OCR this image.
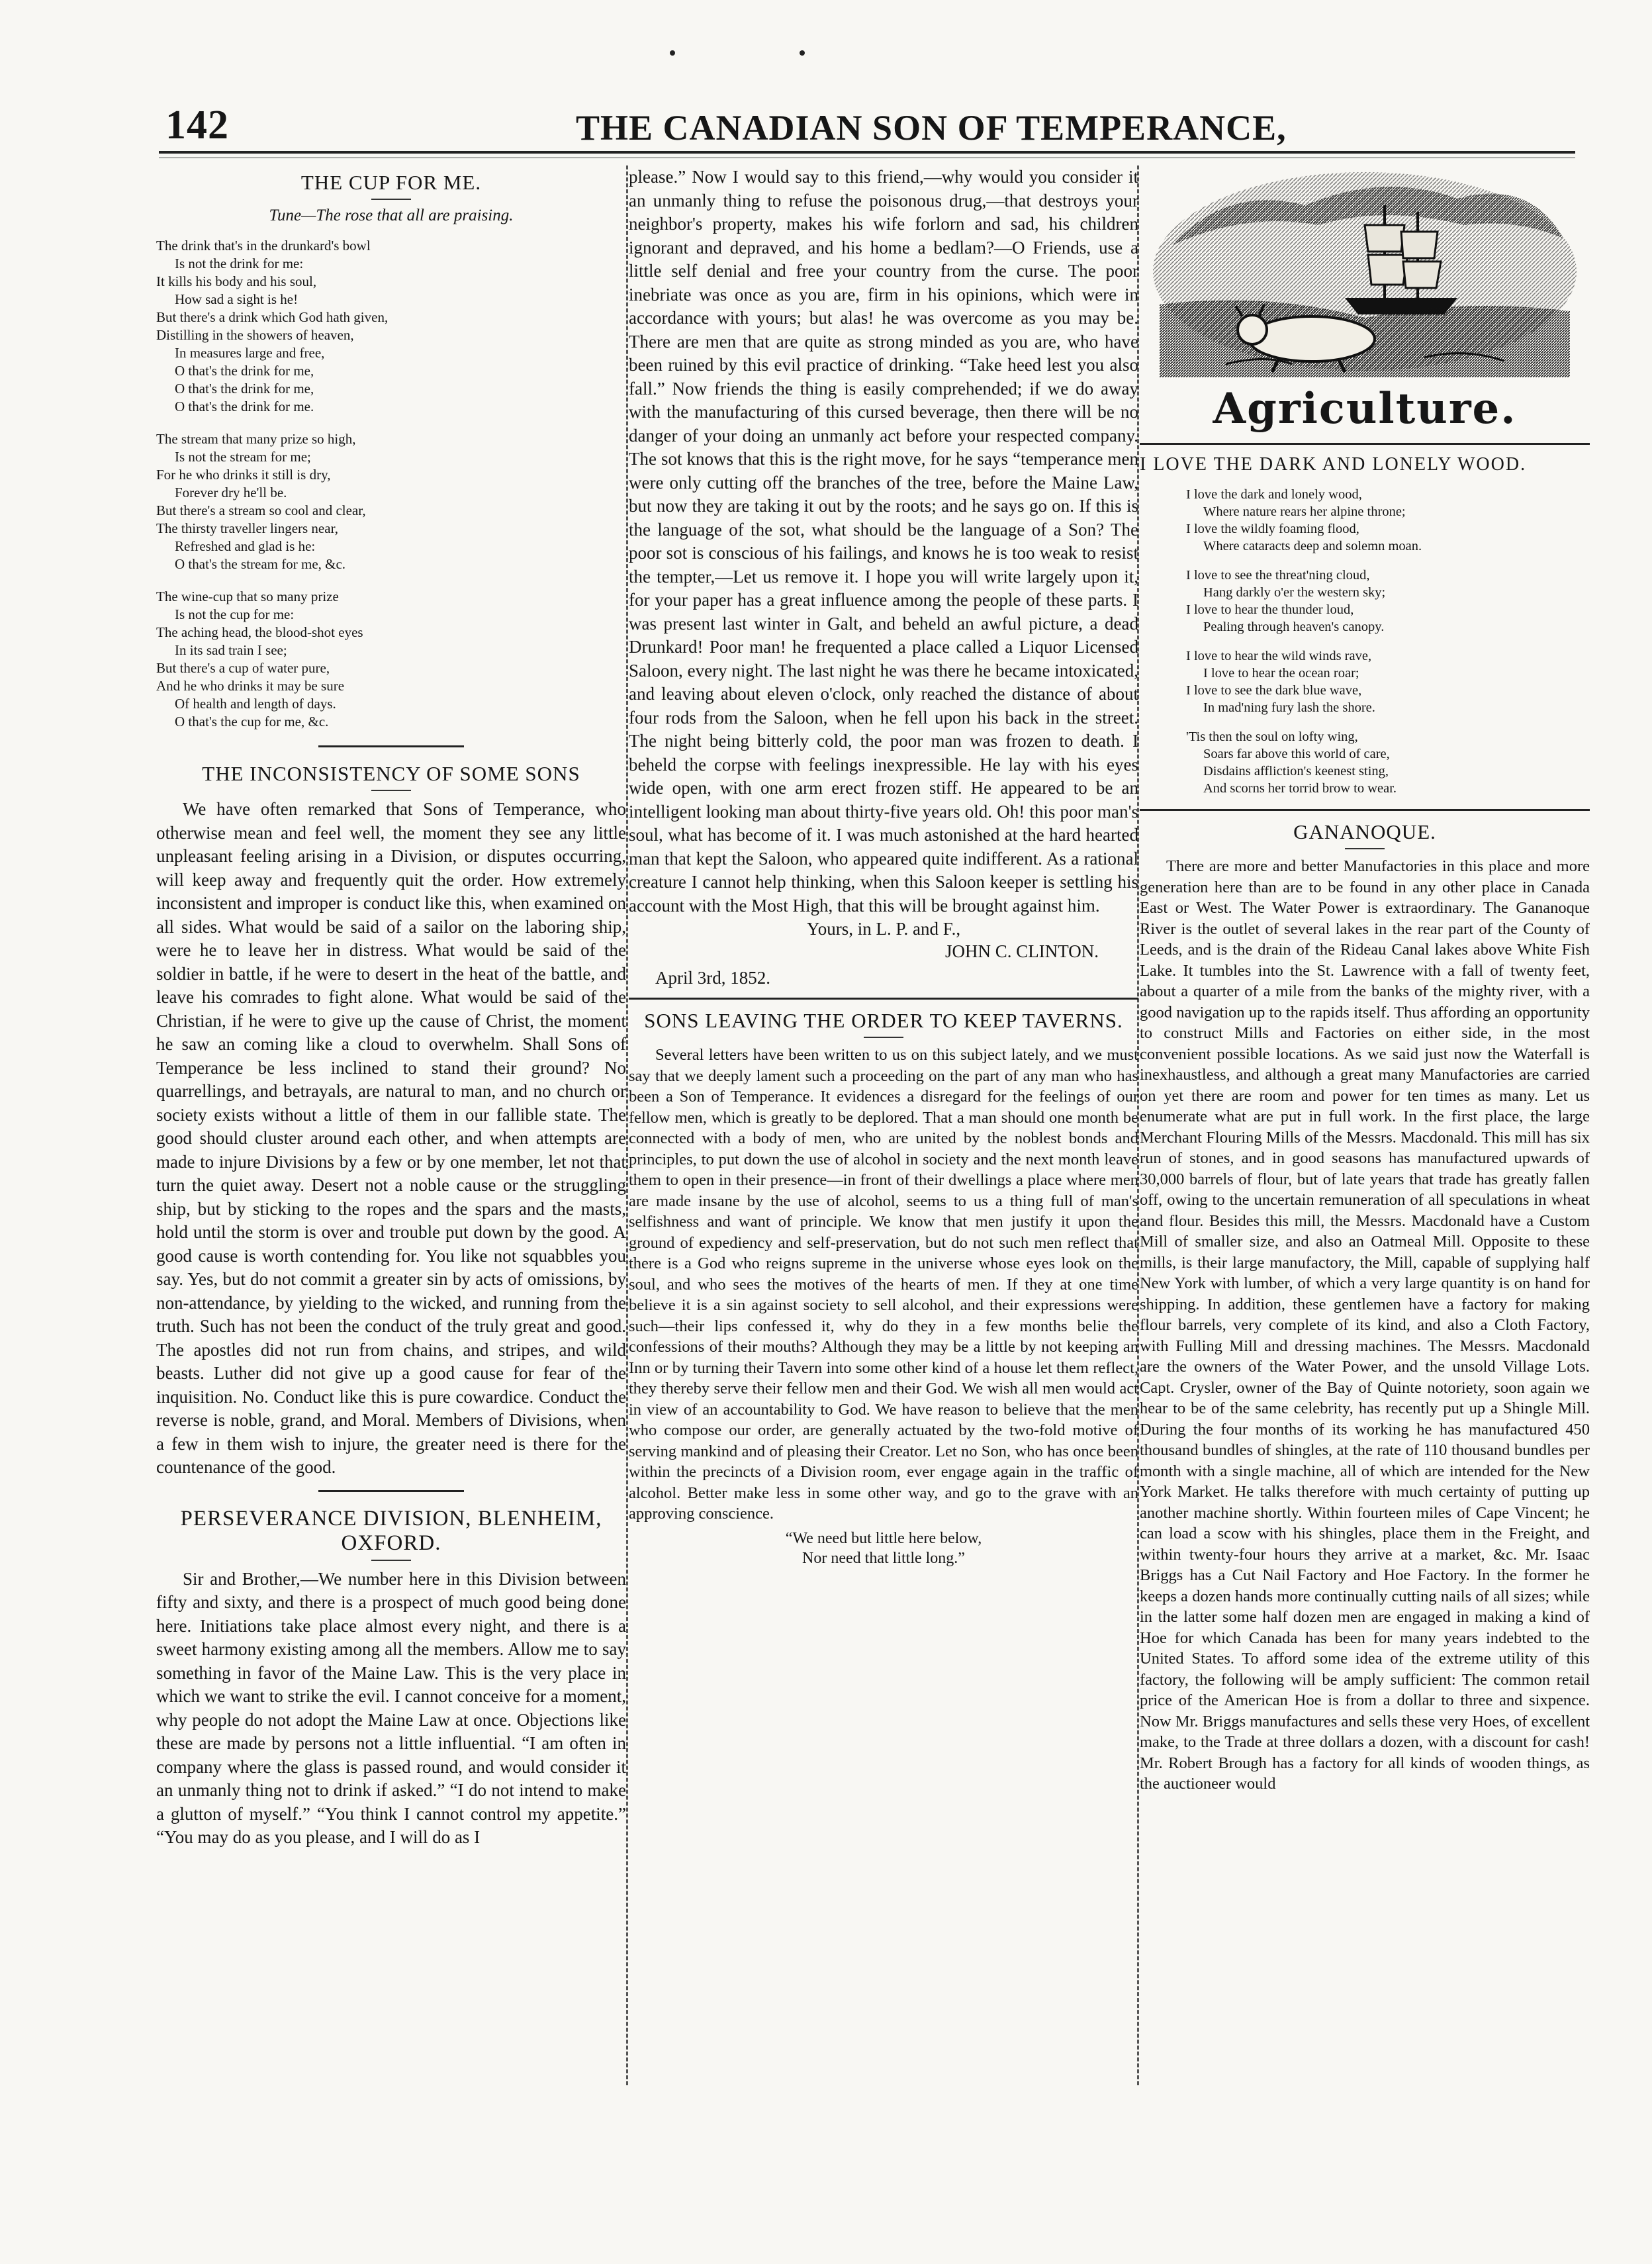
142	THE CANADIAN SON OF TEMPERANCE,
THE CUP FOR ME.
Tune—The rose that all are praising.
The drink that's in the drunkard's bowl
Is not the drink for me:
It kills his body and his soul,
How sad a sight is he!
But there's a drink which God hath given,
Distilling in the showers of heaven,
In measures large and free,
O that's the drink for me,
O that's the drink for me,
O that's the drink for me.
The stream that many prize so high,
Is not the stream for me;
For he who drinks it still is dry,
Forever dry he'll be.
But there's a stream so cool and clear,
The thirsty traveller lingers near,
Refreshed and glad is he:
O that's the stream for me, &c.
The wine-cup that so many prize
Is not the cup for me:
The aching head, the blood-shot eyes
In its sad train I see;
But there's a cup of water pure,
And he who drinks it may be sure
Of health and length of days.
O that's the cup for me, &c.
THE INCONSISTENCY OF SOME SONS

We have often remarked that Sons of Temperance, who otherwise mean and feel well, the moment they see any little unpleasant feeling arising in a Division, or disputes occurring, will keep away and frequently quit the order. How extremely inconsistent and improper is conduct like this, when examined on all sides. What would be said of a sailor on the laboring ship, were he to leave her in distress. What would be said of the soldier in battle, if he were to desert in the heat of the battle, and leave his comrades to fight alone. What would be said of the Christian, if he were to give up the cause of Christ, the moment he saw an coming like a cloud to overwhelm. Shall Sons of Temperance be less inclined to stand their ground? No quarrellings, and betrayals, are natural to man, and no church or society exists without a little of them in our fallible state. The good should cluster around each other, and when attempts are made to injure Divisions by a few or by one member, let not that turn the quiet away. Desert not a noble cause or the struggling ship, but by sticking to the ropes and the spars and the masts, hold until the storm is over and trouble put down by the good. A good cause is worth contending for. You like not squabbles you say. Yes, but do not commit a greater sin by acts of omissions, by non-attendance, by yielding to the wicked, and running from the truth. Such has not been the conduct of the truly great and good. The apostles did not run from chains, and stripes, and wild beasts. Luther did not give up a good cause for fear of the inquisition. No. Conduct like this is pure cowardice. Conduct the reverse is noble, grand, and Moral. Members of Divisions, when a few in them wish to injure, the greater need is there for the countenance of the good.

PERSEVERANCE DIVISION, BLENHEIM, OXFORD.

Sir and Brother,—We number here in this Division between fifty and sixty, and there is a prospect of much good being done here. Initiations take place almost every night, and there is a sweet harmony existing among all the members. Allow me to say something in favor of the Maine Law. This is the very place in which we want to strike the evil. I cannot conceive for a moment, why people do not adopt the Maine Law at once. Objections like these are made by persons not a little influential. “I am often in company where the glass is passed round, and would consider it an unmanly thing not to drink if asked.” “I do not intend to make a glutton of myself.” “You think I cannot control my appetite.” “You may do as you please, and I will do as I

please.” Now I would say to this friend,—why would you consider it an unmanly thing to refuse the poisonous drug,—that destroys your neighbor's property, makes his wife forlorn and sad, his children ignorant and depraved, and his home a bedlam?—O Friends, use a little self denial and free your country from the curse. The poor inebriate was once as you are, firm in his opinions, which were in accordance with yours; but alas! he was overcome as you may be. There are men that are quite as strong minded as you are, who have been ruined by this evil practice of drinking. “Take heed lest you also fall.” Now friends the thing is easily comprehended; if we do away with the manufacturing of this cursed beverage, then there will be no danger of your doing an unmanly act before your respected company. The sot knows that this is the right move, for he says “temperance men were only cutting off the branches of the tree, before the Maine Law, but now they are taking it out by the roots; and he says go on. If this is the language of the sot, what should be the language of a Son? The poor sot is conscious of his failings, and knows he is too weak to resist the tempter,—Let us remove it. I hope you will write largely upon it, for your paper has a great influence among the people of these parts. I was present last winter in Galt, and beheld an awful picture, a dead Drunkard! Poor man! he frequented a place called a Liquor Licensed Saloon, every night. The last night he was there he became intoxicated, and leaving about eleven o'clock, only reached the distance of about four rods from the Saloon, when he fell upon his back in the street. The night being bitterly cold, the poor man was frozen to death. I beheld the corpse with feelings inexpressible. He lay with his eyes wide open, with one arm erect frozen stiff. He appeared to be an intelligent looking man about thirty-five years old. Oh! this poor man's soul, what has become of it. I was much astonished at the hard hearted man that kept the Saloon, who appeared quite indifferent. As a rational creature I cannot help thinking, when this Saloon keeper is settling his account with the Most High, that this will be brought against him.

Yours, in L. P. and F.,
JOHN C. CLINTON.
April 3rd, 1852.
SONS LEAVING THE ORDER TO KEEP TAVERNS.

Several letters have been written to us on this subject lately, and we must say that we deeply lament such a proceeding on the part of any man who has been a Son of Temperance. It evidences a disregard for the feelings of our fellow men, which is greatly to be deplored. That a man should one month be connected with a body of men, who are united by the noblest bonds and principles, to put down the use of alcohol in society and the next month leave them to open in their presence—in front of their dwellings a place where men are made insane by the use of alcohol, seems to us a thing full of man's selfishness and want of principle. We know that men justify it upon the ground of expediency and self-preservation, but do not such men reflect that there is a God who reigns supreme in the universe whose eyes look on the soul, and who sees the motives of the hearts of men. If they at one time believe it is a sin against society to sell alcohol, and their expressions were such—their lips confessed it, why do they in a few months belie the confessions of their mouths? Although they may be a little by not keeping an Inn or by turning their Tavern into some other kind of a house let them reflect, they thereby serve their fellow men and their God. We wish all men would act in view of an accountability to God. We have reason to believe that the men who compose our order, are generally actuated by the two-fold motive of serving mankind and of pleasing their Creator. Let no Son, who has once been within the precincts of a Division room, ever engage again in the traffic of alcohol. Better make less in some other way, and go to the grave with an approving conscience.

“We need but little here below,
Nor need that little long.”
Agriculture.
I LOVE THE DARK AND LONELY WOOD.
I love the dark and lonely wood,
Where nature rears her alpine throne;
I love the wildly foaming flood,
Where cataracts deep and solemn moan.
I love to see the threat'ning cloud,
Hang darkly o'er the western sky;
I love to hear the thunder loud,
Pealing through heaven's canopy.
I love to hear the wild winds rave,
I love to hear the ocean roar;
I love to see the dark blue wave,
In mad'ning fury lash the shore.
'Tis then the soul on lofty wing,
Soars far above this world of care,
Disdains affliction's keenest sting,
And scorns her torrid brow to wear.
GANANOQUE.

There are more and better Manufactories in this place and more generation here than are to be found in any other place in Canada East or West. The Water Power is extraordinary. The Gananoque River is the outlet of several lakes in the rear part of the County of Leeds, and is the drain of the Rideau Canal lakes above White Fish Lake. It tumbles into the St. Lawrence with a fall of twenty feet, about a quarter of a mile from the banks of the mighty river, with a good navigation up to the rapids itself. Thus affording an opportunity to construct Mills and Factories on either side, in the most convenient possible locations. As we said just now the Waterfall is inexhaustless, and although a great many Manufactories are carried on yet there are room and power for ten times as many. Let us enumerate what are put in full work. In the first place, the large Merchant Flouring Mills of the Messrs. Macdonald. This mill has six run of stones, and in good seasons has manufactured upwards of 30,000 barrels of flour, but of late years that trade has greatly fallen off, owing to the uncertain remuneration of all speculations in wheat and flour. Besides this mill, the Messrs. Macdonald have a Custom Mill of smaller size, and also an Oatmeal Mill. Opposite to these mills, is their large manufactory, the Mill, capable of supplying half New York with lumber, of which a very large quantity is on hand for shipping. In addition, these gentlemen have a factory for making flour barrels, very complete of its kind, and also a Cloth Factory, with Fulling Mill and dressing machines. The Messrs. Macdonald are the owners of the Water Power, and the unsold Village Lots. Capt. Crysler, owner of the Bay of Quinte notoriety, soon again we hear to be of the same celebrity, has recently put up a Shingle Mill. During the four months of its working he has manufactured 450 thousand bundles of shingles, at the rate of 110 thousand bundles per month with a single machine, all of which are intended for the New York Market. He talks therefore with much certainty of putting up another machine shortly. Within fourteen miles of Cape Vincent; he can load a scow with his shingles, place them in the Freight, and within twenty-four hours they arrive at a market, &c. Mr. Isaac Briggs has a Cut Nail Factory and Hoe Factory. In the former he keeps a dozen hands more continually cutting nails of all sizes; while in the latter some half dozen men are engaged in making a kind of Hoe for which Canada has been for many years indebted to the United States. To afford some idea of the extreme utility of this factory, the following will be amply sufficient: The common retail price of the American Hoe is from a dollar to three and sixpence. Now Mr. Briggs manufactures and sells these very Hoes, of excellent make, to the Trade at three dollars a dozen, with a discount for cash! Mr. Robert Brough has a factory for all kinds of wooden things, as the auctioneer would
